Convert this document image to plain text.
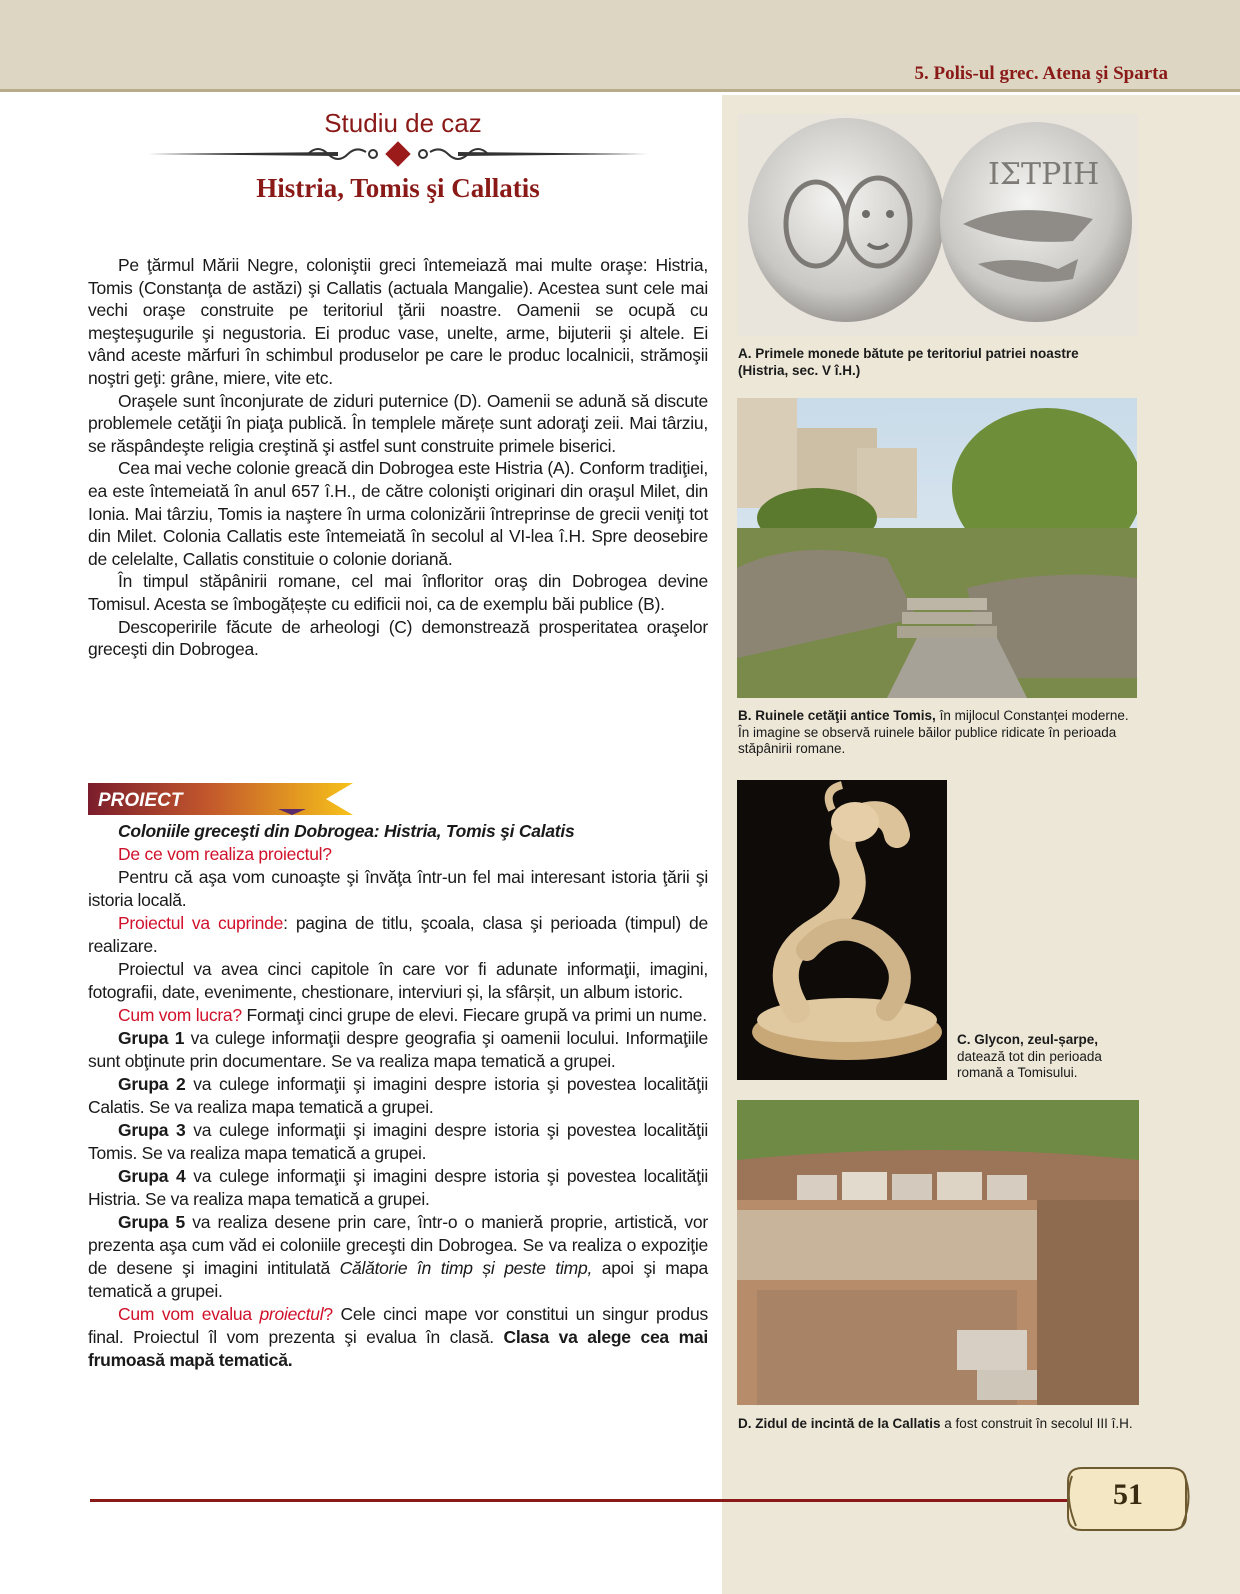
5. Polis-ul grec. Atena şi Sparta
Studiu de caz
Histria, Tomis şi Callatis

Pe ţărmul Mării Negre, coloniştii greci întemeiază mai multe oraşe: Histria, Tomis (Constanţa de astăzi) şi Callatis (actuala Mangalie). Acestea sunt cele mai vechi oraşe construite pe teritoriul ţării noastre. Oamenii se ocupă cu meşteşugurile şi negustoria. Ei produc vase, unelte, arme, bijuterii şi altele. Ei vând aceste mărfuri în schimbul produselor pe care le produc localnicii, strămoşii noştri geţi: grâne, miere, vite etc.

Oraşele sunt înconjurate de ziduri puternice (D). Oamenii se adună să discute problemele cetăţii în piaţa publică. În templele mărețe sunt adoraţi zeii. Mai târziu, se răspândeşte religia creştină şi astfel sunt construite primele biserici.

Cea mai veche colonie greacă din Dobrogea este Histria (A). Conform tradiţiei, ea este întemeiată în anul 657 î.H., de către colonişti originari din oraşul Milet, din Ionia. Mai târziu, Tomis ia naştere în urma colonizării întreprinse de grecii veniţi tot din Milet. Colonia Callatis este întemeiată în secolul al VI-lea î.H. Spre deosebire de celelalte, Callatis constituie o colonie doriană.

În timpul stăpânirii romane, cel mai înfloritor oraş din Dobrogea devine Tomisul. Acesta se îmbogățește cu edificii noi, ca de exemplu băi publice (B).

Descoperirile făcute de arheologi (C) demonstrează prosperitatea oraşelor greceşti din Dobrogea.

PROIECT

Coloniile greceşti din Dobrogea: Histria, Tomis şi Calatis

De ce vom realiza proiectul?

Pentru că aşa vom cunoaşte şi învăţa într-un fel mai interesant istoria ţării şi istoria locală.

Proiectul va cuprinde: pagina de titlu, şcoala, clasa şi perioada (timpul) de realizare.

Proiectul va avea cinci capitole în care vor fi adunate informaţii, imagini, fotografii, date, evenimente, chestionare, interviuri și, la sfârșit, un album istoric.

Cum vom lucra? Formaţi cinci grupe de elevi. Fiecare grupă va primi un nume.

Grupa 1 va culege informaţii despre geografia şi oamenii locului. Informaţiile sunt obţinute prin documentare. Se va realiza mapa tematică a grupei.

Grupa 2 va culege informaţii şi imagini despre istoria şi povestea localităţii Calatis. Se va realiza mapa tematică a grupei.

Grupa 3 va culege informaţii şi imagini despre istoria şi povestea localităţii Tomis. Se va realiza mapa tematică a grupei.

Grupa 4 va culege informaţii şi imagini despre istoria şi povestea localităţii Histria. Se va realiza mapa tematică a grupei.

Grupa 5 va realiza desene prin care, într-o o manieră proprie, artistică, vor prezenta aşa cum văd ei coloniile greceşti din Dobrogea. Se va realiza o expoziţie de desene şi imagini intitulată Călătorie în timp și peste timp, apoi şi mapa tematică a grupei.

Cum vom evalua proiectul? Cele cinci mape vor constitui un singur produs final. Proiectul îl vom prezenta şi evalua în clasă. Clasa va alege cea mai frumoasă mapă tematică.

ΙΣΤΡΙΗ
A. Primele monede bătute pe teritoriul patriei noastre (Histria, sec. V î.H.)
B. Ruinele cetăţii antice Tomis, în mijlocul Constanței moderne. În imagine se observă ruinele băilor publice ridicate în perioada stăpânirii romane.
C. Glycon, zeul-șarpe, datează tot din perioada romană a Tomisului.
D. Zidul de incintă de la Callatis a fost construit în secolul III î.H.
51
